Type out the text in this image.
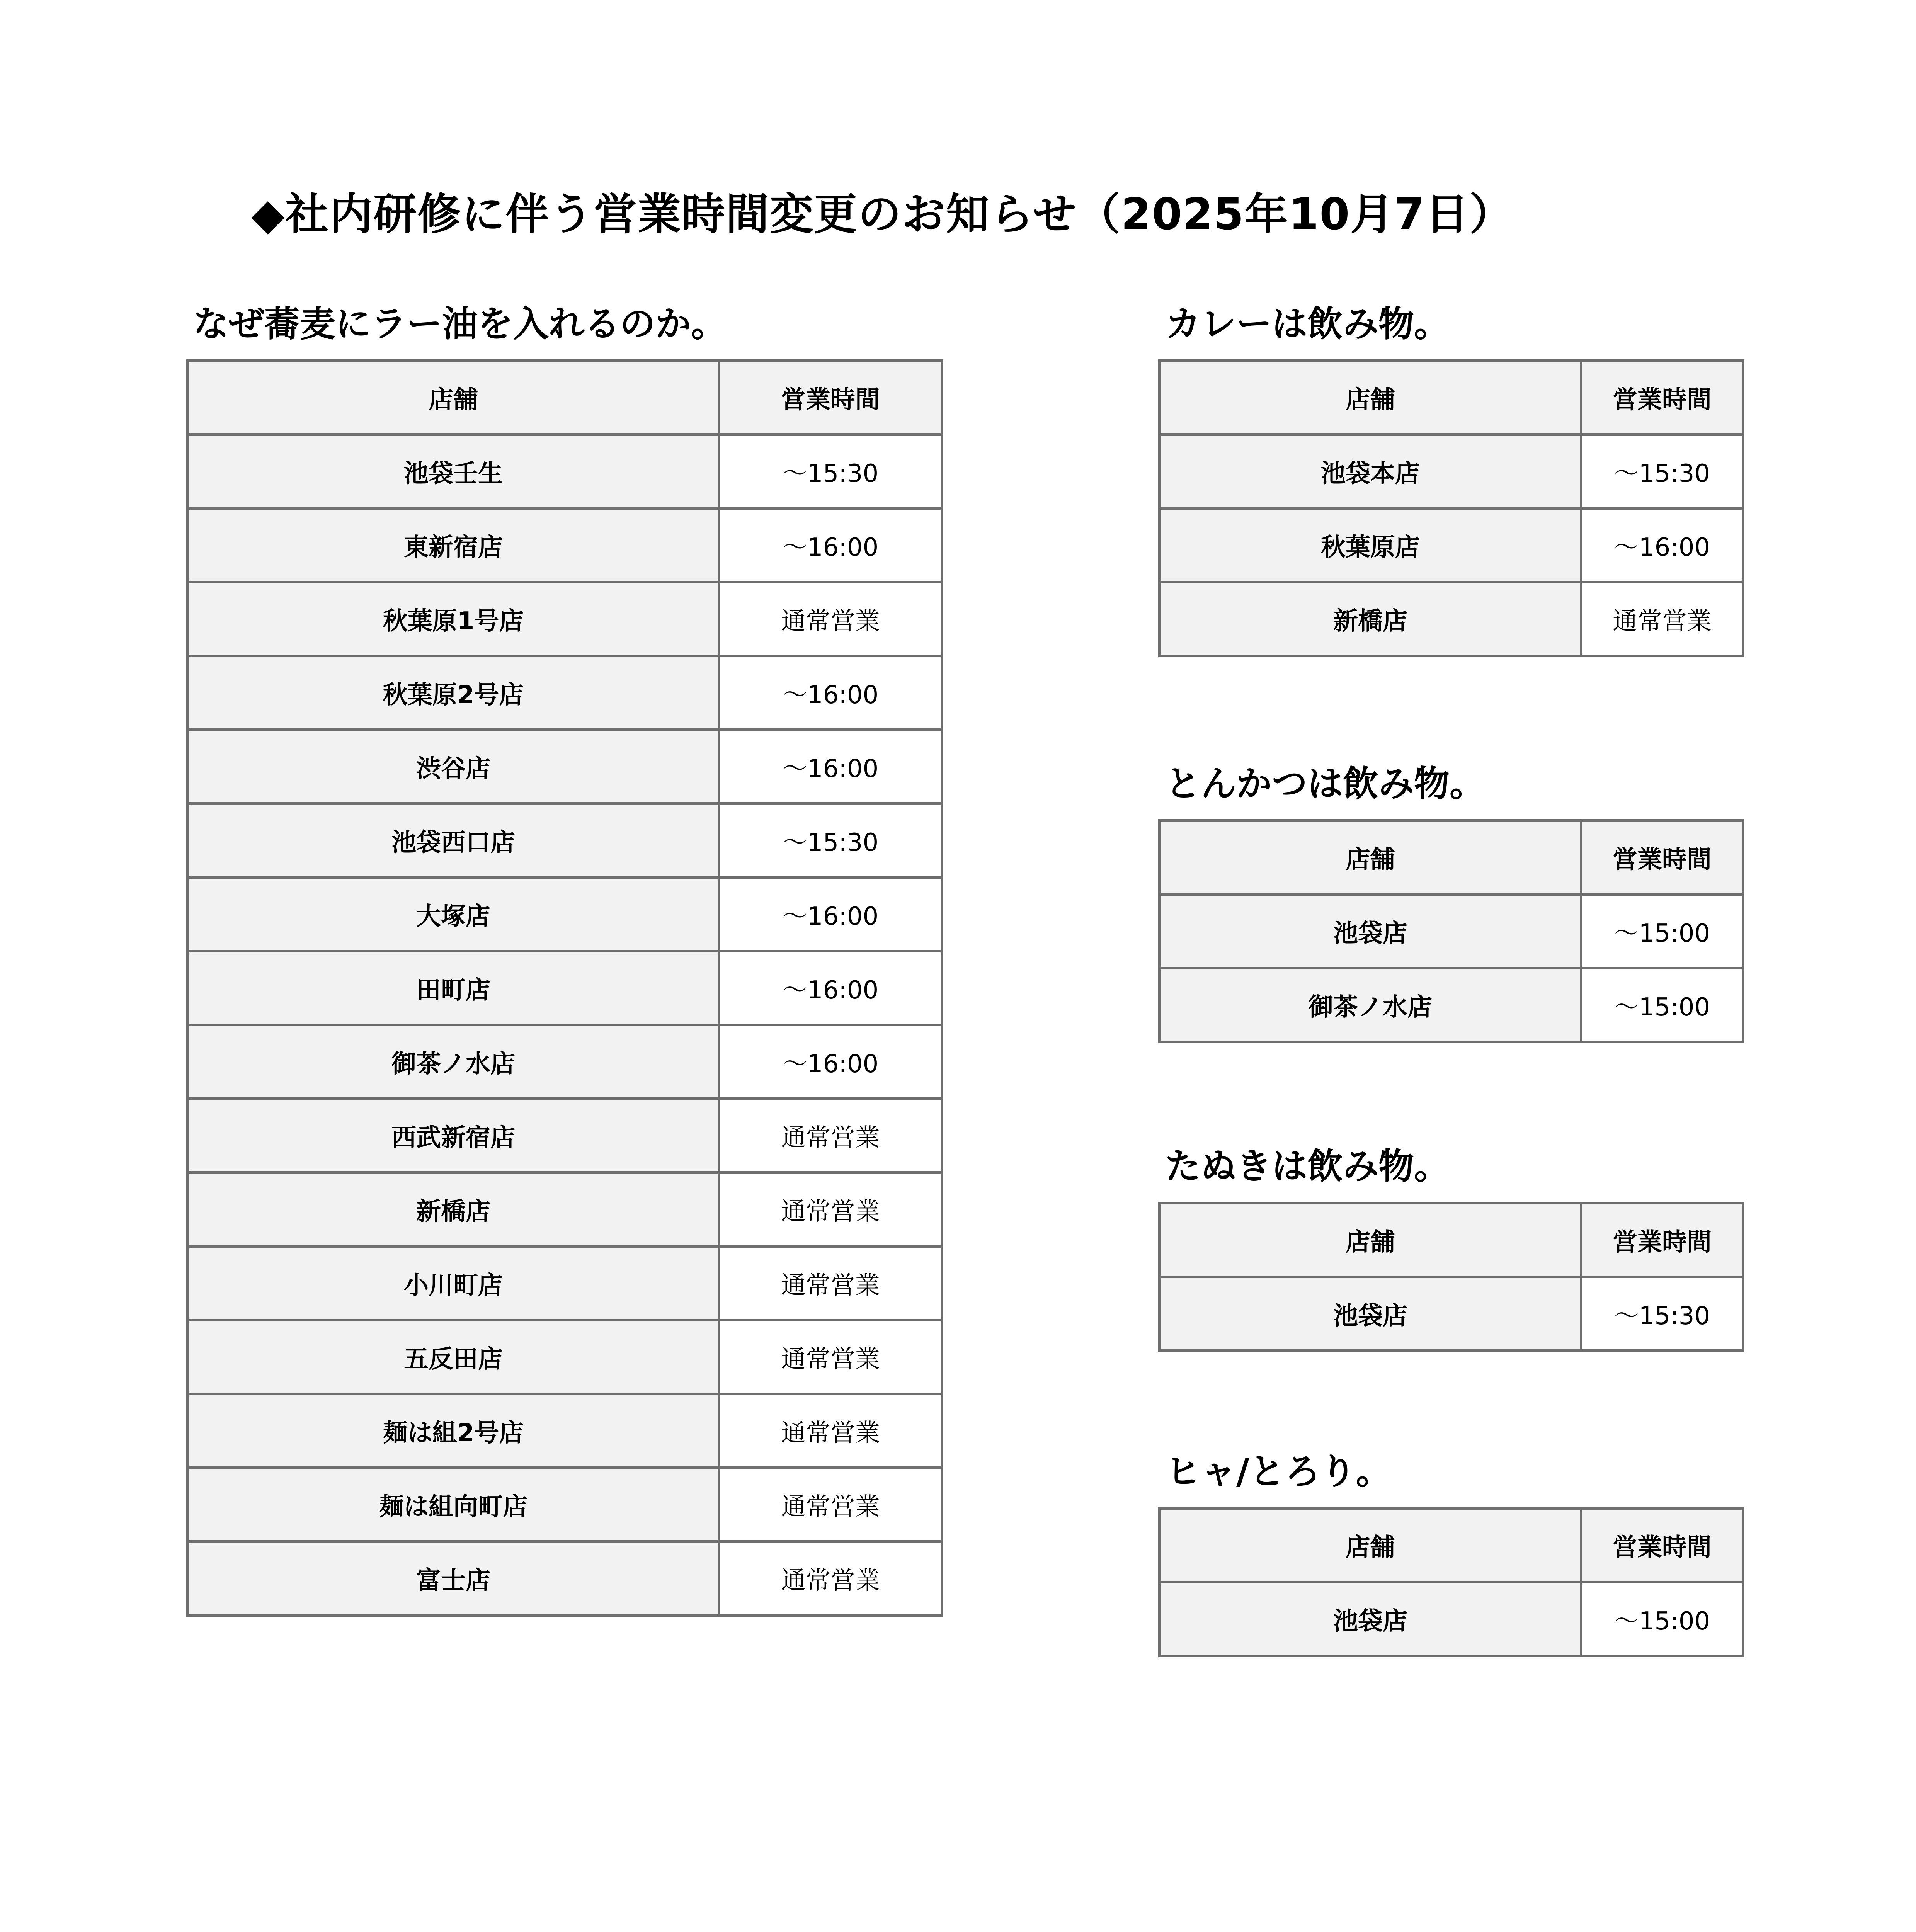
◆社内研修に伴う営業時間変更のお知らせ（2025年10月7日）
なぜ蕎麦にラー油を入れるのか。
店舗	営業時間
池袋壬生	～15:30
東新宿店	～16:00
秋葉原1号店	通常営業
秋葉原2号店	～16:00
渋谷店	～16:00
池袋西口店	～15:30
大塚店	～16:00
田町店	～16:00
御茶ノ水店	～16:00
西武新宿店	通常営業
新橋店	通常営業
小川町店	通常営業
五反田店	通常営業
麺は組2号店	通常営業
麺は組向町店	通常営業
富士店	通常営業
カレーは飲み物。
店舗	営業時間
池袋本店	～15:30
秋葉原店	～16:00
新橋店	通常営業
とんかつは飲み物。
店舗	営業時間
池袋店	～15:00
御茶ノ水店	～15:00
たぬきは飲み物。
店舗	営業時間
池袋店	～15:30
ヒャ/とろり。
店舗	営業時間
池袋店	～15:00
